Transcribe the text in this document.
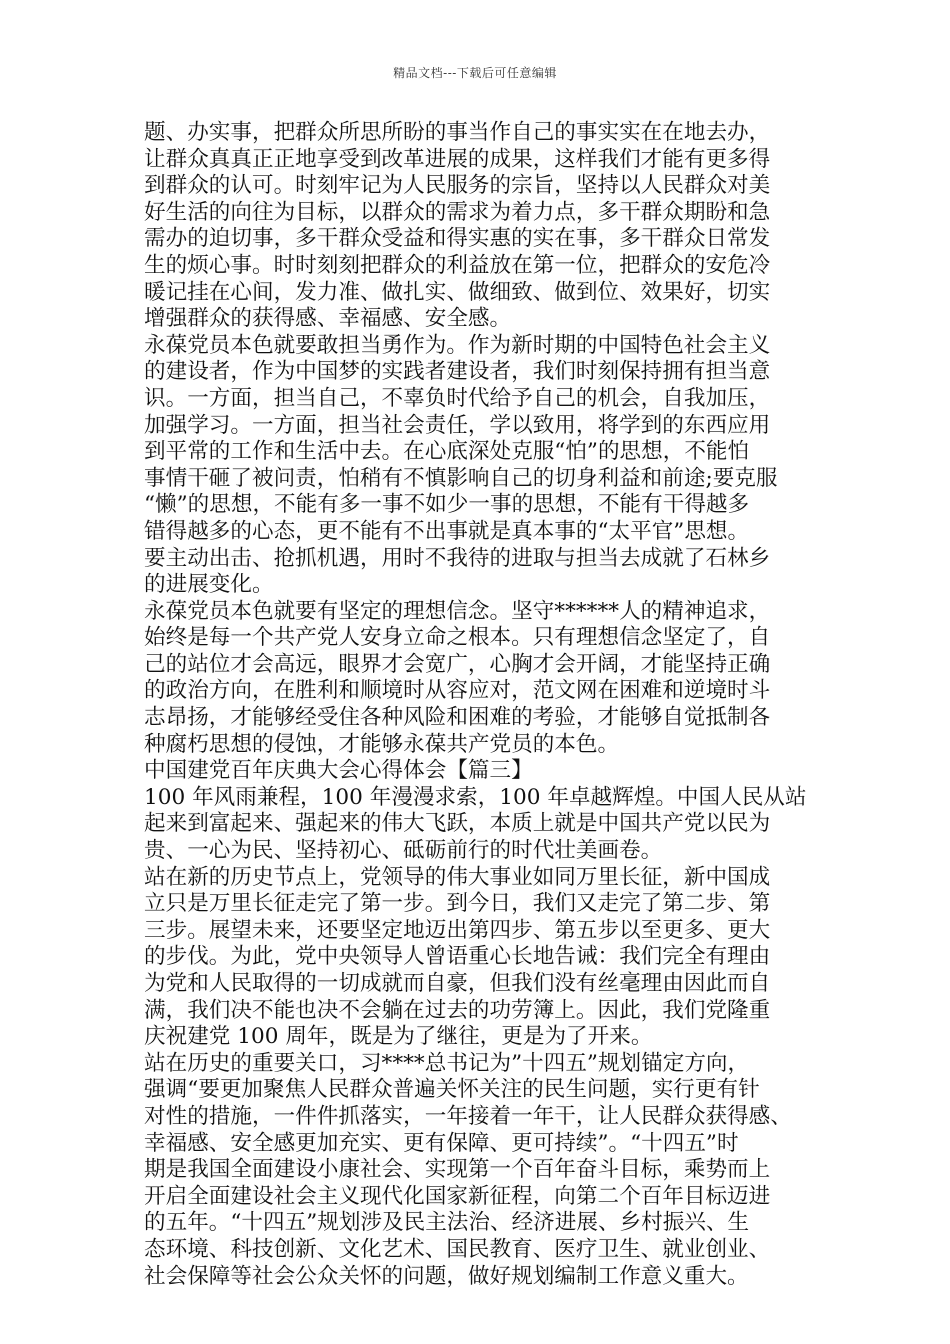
精品文档---下载后可任意编辑
题、办实事，把群众所思所盼的事当作自己的事实实在在地去办，
让群众真真正正地享受到改革进展的成果，这样我们才能有更多得
到群众的认可。时刻牢记为人民服务的宗旨，坚持以人民群众对美
好生活的向往为目标，以群众的需求为着力点，多干群众期盼和急
需办的迫切事，多干群众受益和得实惠的实在事，多干群众日常发
生的烦心事。时时刻刻把群众的利益放在第一位，把群众的安危冷
暖记挂在心间，发力准、做扎实、做细致、做到位、效果好，切实
增强群众的获得感、幸福感、安全感。
永葆党员本色就要敢担当勇作为。作为新时期的中国特色社会主义
的建设者，作为中国梦的实践者建设者，我们时刻保持拥有担当意
识。一方面，担当自己，不辜负时代给予自己的机会，自我加压，
加强学习。一方面，担当社会责任，学以致用，将学到的东西应用
到平常的工作和生活中去。在心底深处克服“怕”的思想，不能怕
事情干砸了被问责，怕稍有不慎影响自己的切身利益和前途;要克服
“懒”的思想，不能有多一事不如少一事的思想，不能有干得越多
错得越多的心态，更不能有不出事就是真本事的“太平官”思想。
要主动出击、抢抓机遇，用时不我待的进取与担当去成就了石林乡
的进展变化。
永葆党员本色就要有坚定的理想信念。坚守******人的精神追求，
始终是每一个共产党人安身立命之根本。只有理想信念坚定了，自
己的站位才会高远，眼界才会宽广，心胸才会开阔，才能坚持正确
的政治方向，在胜利和顺境时从容应对，范文网在困难和逆境时斗
志昂扬，才能够经受住各种风险和困难的考验，才能够自觉抵制各
种腐朽思想的侵蚀，才能够永葆共产党员的本色。
中国建党百年庆典大会心得体会【篇三】
100 年风雨兼程，100 年漫漫求索，100 年卓越辉煌。中国人民从站
起来到富起来、强起来的伟大飞跃，本质上就是中国共产党以民为
贵、一心为民、坚持初心、砥砺前行的时代壮美画卷。
站在新的历史节点上，党领导的伟大事业如同万里长征，新中国成
立只是万里长征走完了第一步。到今日，我们又走完了第二步、第
三步。展望未来，还要坚定地迈出第四步、第五步以至更多、更大
的步伐。为此，党中央领导人曾语重心长地告诫：我们完全有理由
为党和人民取得的一切成就而自豪，但我们没有丝毫理由因此而自
满，我们决不能也决不会躺在过去的功劳簿上。因此，我们党隆重
庆祝建党 100 周年，既是为了继往，更是为了开来。
站在历史的重要关口，习****总书记为”十四五”规划锚定方向，
强调“要更加聚焦人民群众普遍关怀关注的民生问题，实行更有针
对性的措施，一件件抓落实，一年接着一年干，让人民群众获得感、
幸福感、安全感更加充实、更有保障、更可持续”。“十四五”时
期是我国全面建设小康社会、实现第一个百年奋斗目标，乘势而上
开启全面建设社会主义现代化国家新征程，向第二个百年目标迈进
的五年。“十四五”规划涉及民主法治、经济进展、乡村振兴、生
态环境、科技创新、文化艺术、国民教育、医疗卫生、就业创业、
社会保障等社会公众关怀的问题，做好规划编制工作意义重大。
